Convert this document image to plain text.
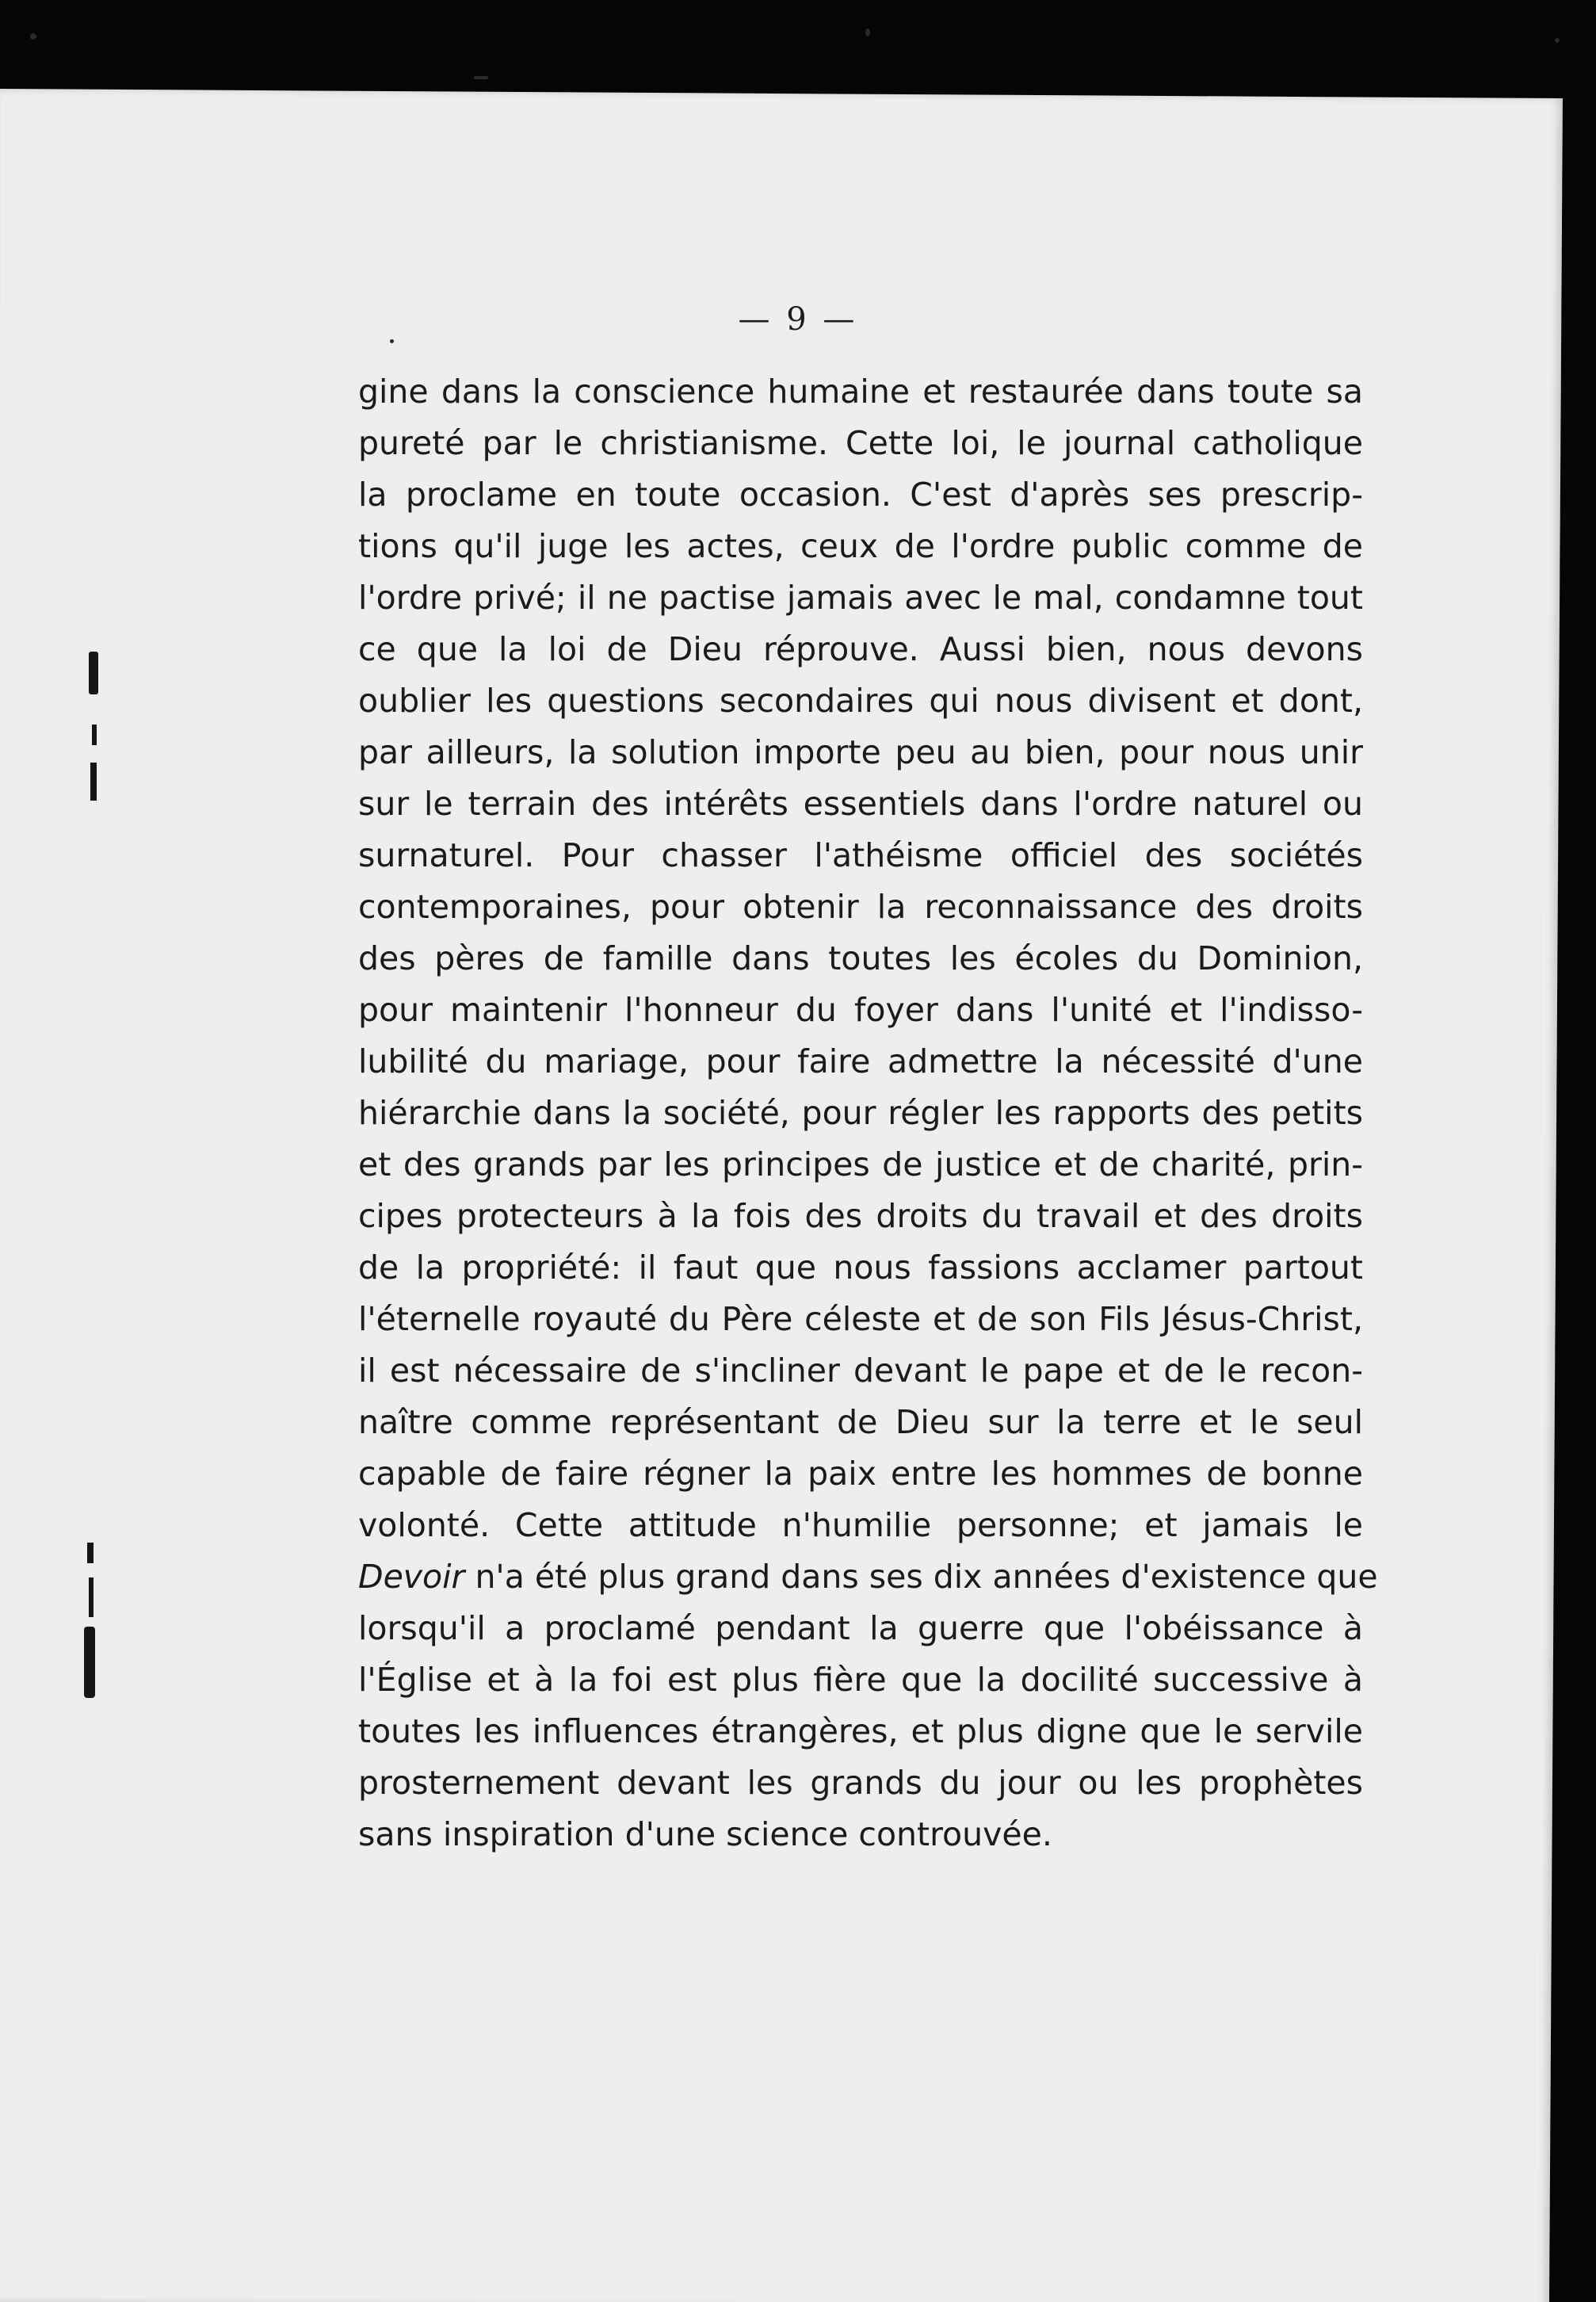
— 9 —
gine dans la conscience humaine et restaurée dans toute sa
pureté par le christianisme. Cette loi, le journal catholique
la proclame en toute occasion. C'est d'après ses prescrip-
tions qu'il juge les actes, ceux de l'ordre public comme de
l'ordre privé; il ne pactise jamais avec le mal, condamne tout
ce que la loi de Dieu réprouve. Aussi bien, nous devons
oublier les questions secondaires qui nous divisent et dont,
par ailleurs, la solution importe peu au bien, pour nous unir
sur le terrain des intérêts essentiels dans l'ordre naturel ou
surnaturel. Pour chasser l'athéisme officiel des sociétés
contemporaines, pour obtenir la reconnaissance des droits
des pères de famille dans toutes les écoles du Dominion,
pour maintenir l'honneur du foyer dans l'unité et l'indisso-
lubilité du mariage, pour faire admettre la nécessité d'une
hiérarchie dans la société, pour régler les rapports des petits
et des grands par les principes de justice et de charité, prin-
cipes protecteurs à la fois des droits du travail et des droits
de la propriété: il faut que nous fassions acclamer partout
l'éternelle royauté du Père céleste et de son Fils Jésus-Christ,
il est nécessaire de s'incliner devant le pape et de le recon-
naître comme représentant de Dieu sur la terre et le seul
capable de faire régner la paix entre les hommes de bonne
volonté. Cette attitude n'humilie personne; et jamais le
Devoir n'a été plus grand dans ses dix années d'existence que
lorsqu'il a proclamé pendant la guerre que l'obéissance à
l'Église et à la foi est plus fière que la docilité successive à
toutes les influences étrangères, et plus digne que le servile
prosternement devant les grands du jour ou les prophètes
sans inspiration d'une science controuvée.
